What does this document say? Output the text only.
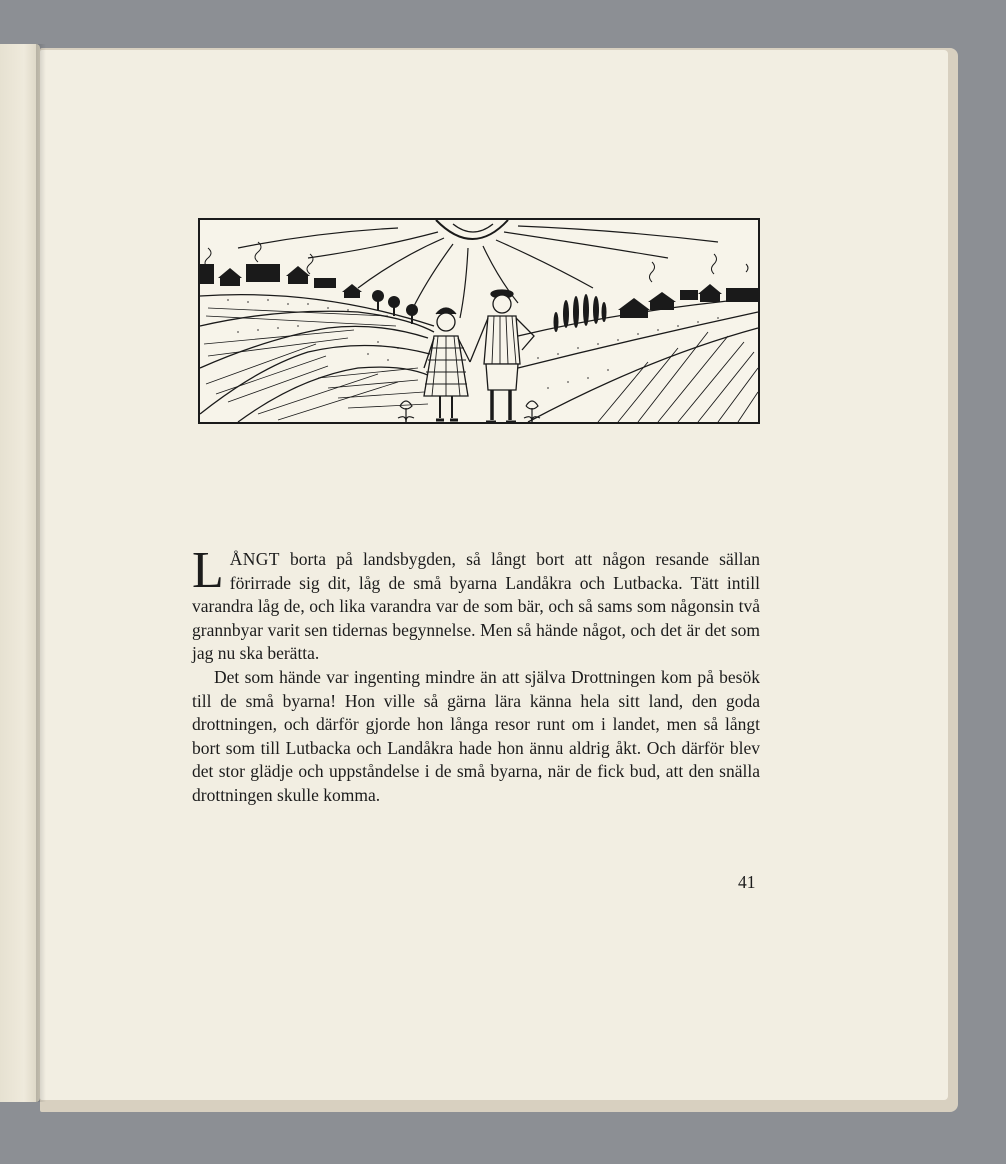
LÅNGT borta på landsbygden, så långt bort att någon resande sällan förirrade sig dit, låg de små byarna Landåkra och Lutbacka. Tätt intill varandra låg de, och lika varandra var de som bär, och så sams som någonsin två grannbyar varit sen tidernas begynnelse. Men så hände något, och det är det som jag nu ska berätta.

Det som hände var ingenting mindre än att själva Drottningen kom på besök till de små byarna! Hon ville så gärna lära känna hela sitt land, den goda drottningen, och därför gjorde hon långa resor runt om i landet, men så långt bort som till Lutbacka och Landåkra hade hon ännu aldrig åkt. Och därför blev det stor glädje och uppståndelse i de små byarna, när de fick bud, att den snälla drottningen skulle komma.

41
